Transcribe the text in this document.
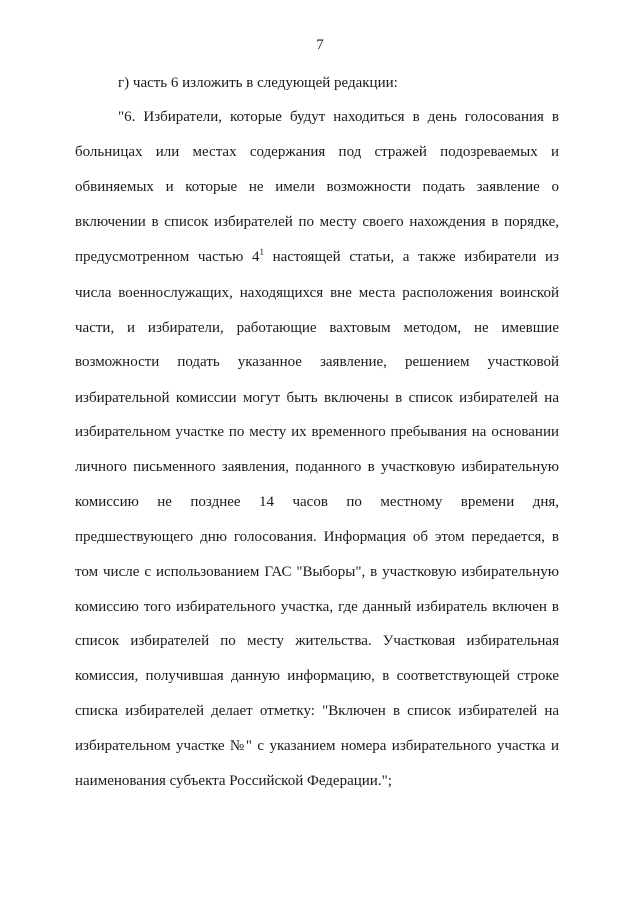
7
г) часть 6 изложить в следующей редакции:
"6. Избиратели, которые будут находиться в день голосования в
больницах или местах содержания под стражей подозреваемых и
обвиняемых и которые не имели возможности подать заявление о
включении в список избирателей по месту своего нахождения в порядке,
предусмотренном частью $4^1$ настоящей статьи, а также избиратели из
числа военнослужащих, находящихся вне места расположения воинской
части, и избиратели, работающие вахтовым методом, не имевшие
возможности подать указанное заявление, решением участковой
избирательной комиссии могут быть включены в список избирателей на
избирательном участке по месту их временного пребывания на основании
личного письменного заявления, поданного в участковую избирательную
комиссию не позднее 14 часов по местному времени дня,
предшествующего дню голосования. Информация об этом передается, в
том числе с использованием ГАС "Выборы", в участковую избирательную
комиссию того избирательного участка, где данный избиратель включен в
список избирателей по месту жительства. Участковая избирательная
комиссия, получившая данную информацию, в соответствующей строке
списка избирателей делает отметку: "Включен в список избирателей на
избирательном участке №" с указанием номера избирательного участка и
наименования субъекта Российской Федерации.";
